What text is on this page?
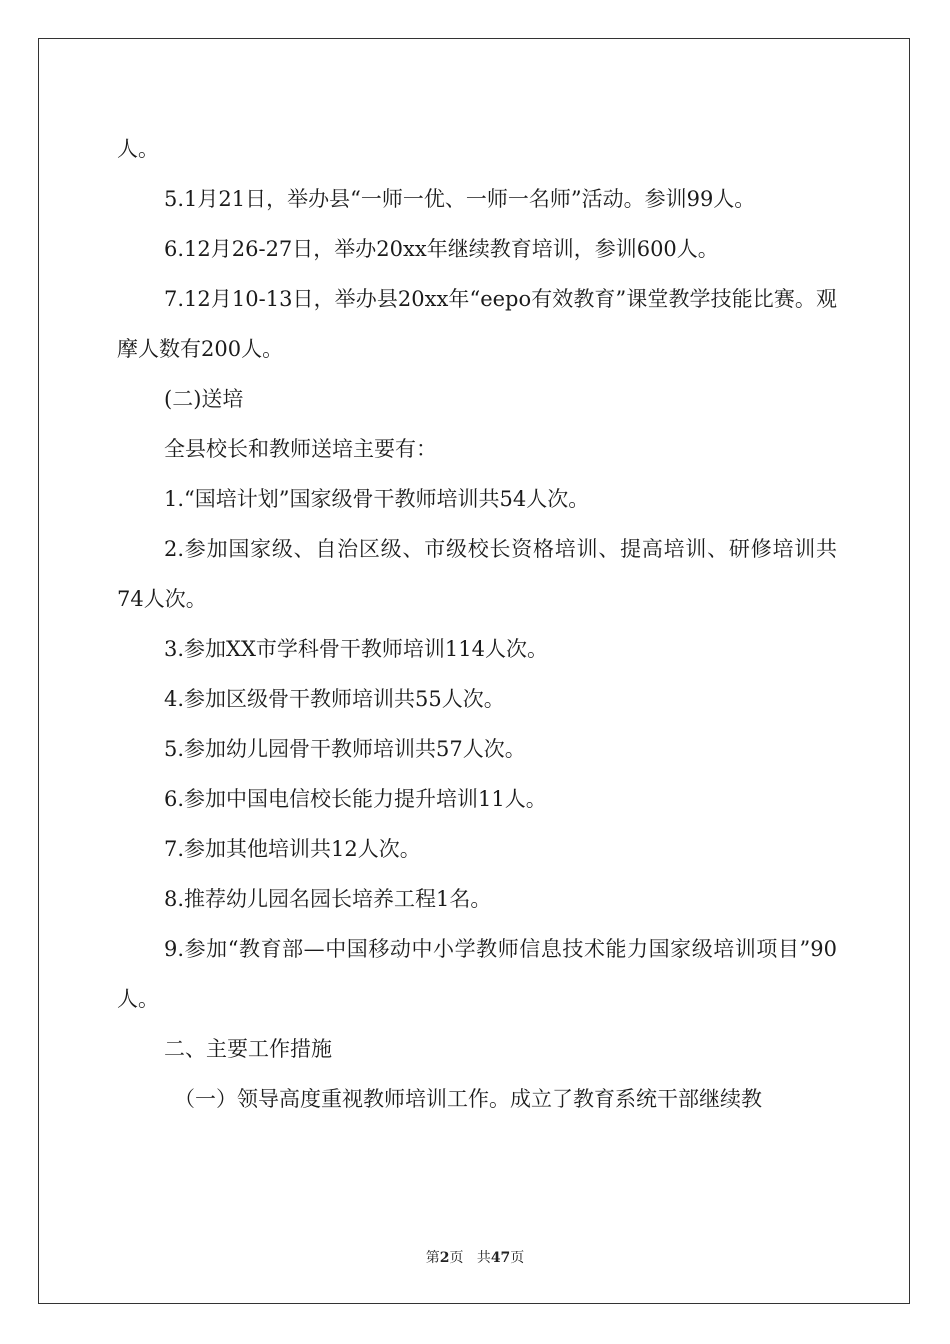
人。

5.1月21日，举办县“一师一优、一师一名师”活动。参训99人。

6.12月26-27日，举办20xx年继续教育培训，参训600人。

7.12月10-13日，举办县20xx年“eepo有效教育”课堂教学技能比赛。观摩人数有200人。

(二)送培

全县校长和教师送培主要有：

1.“国培计划”国家级骨干教师培训共54人次。

2.参加国家级、自治区级、市级校长资格培训、提高培训、研修培训共74人次。

3.参加XX市学科骨干教师培训114人次。

4.参加区级骨干教师培训共55人次。

5.参加幼儿园骨干教师培训共57人次。

6.参加中国电信校长能力提升培训11人。

7.参加其他培训共12人次。

8.推荐幼儿园名园长培养工程1名。

9.参加“教育部—中国移动中小学教师信息技术能力国家级培训项目”90人。

二、主要工作措施

（一）领导高度重视教师培训工作。成立了教育系统干部继续教

第2页 共47页
